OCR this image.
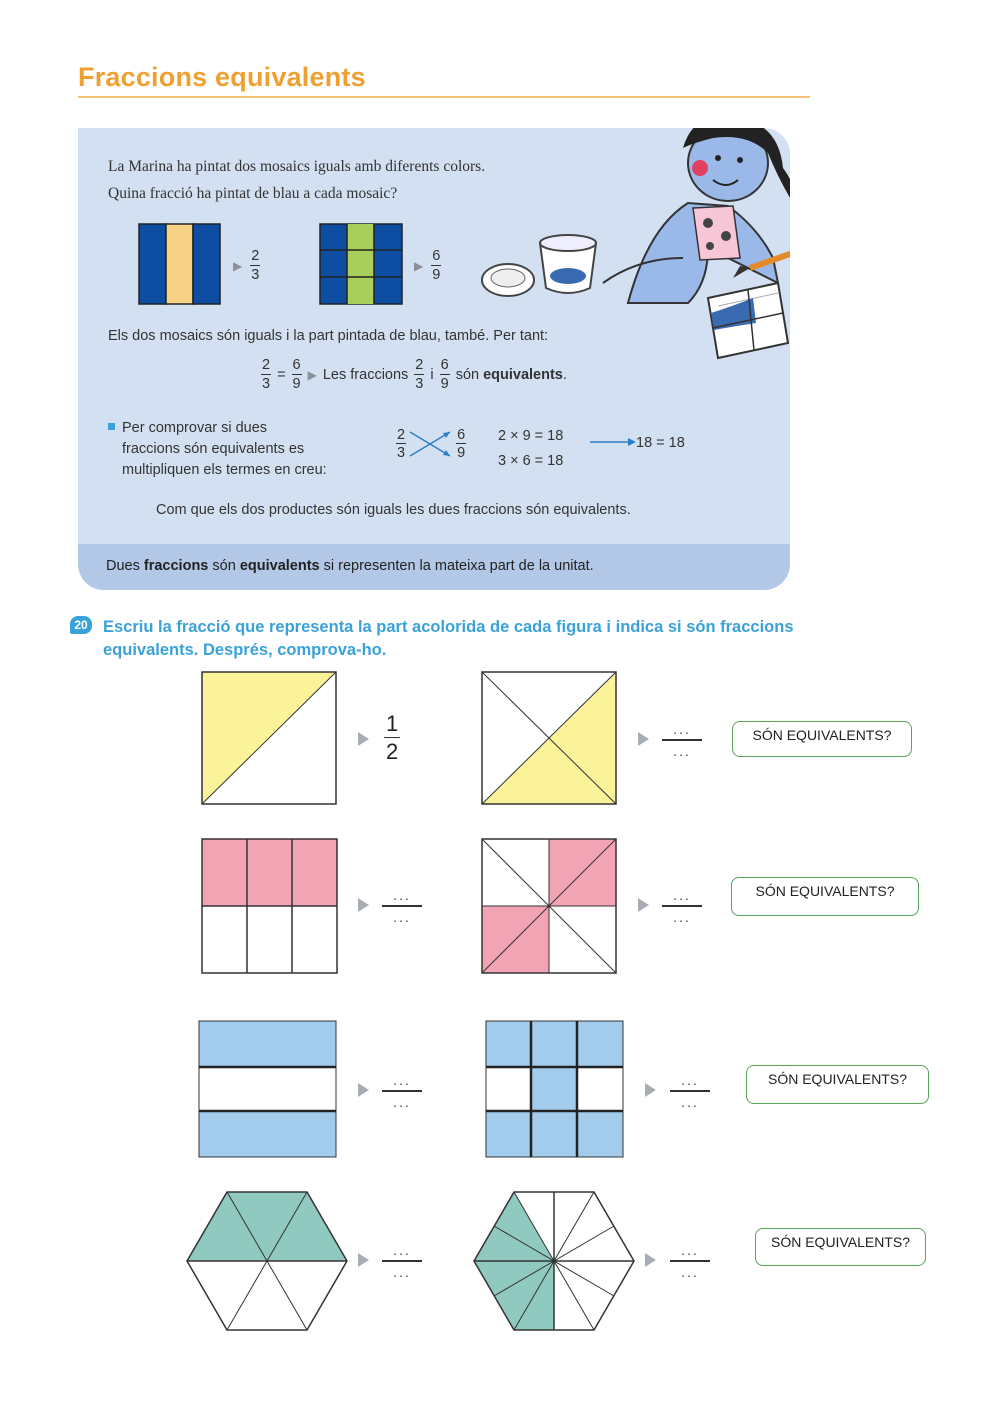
Fraccions equivalents
La Marina ha pintat dos mosaics iguals amb diferents colors.
Quina fracció ha pintat de blau a cada mosaic?
▶ $\frac{2}{3}$	▶ $\frac{6}{9}$
Els dos mosaics són iguals i la part pintada de blau, també. Per tant:
$\frac{2}{3} = \frac{6}{9}$ ▶ Les fraccions $\frac{2}{3}$ i $\frac{6}{9}$ són equivalents .
Per comprovar si dues
fraccions són equivalents es
multipliquen els termes en creu:
$\frac{2}{3}$	$\frac{6}{9} 2 \times 9 = 18$
3 × 6 = 18
18 = 18
Com que els dos productes són iguals les dues fraccions són equivalents.
Dues fraccions són equivalents si representen la mateixa part de la unitat.
20 Escriu la fracció que representa la part acolorida de cada figura i indica si són fraccions
equivalents. Després, comprova-ho.
1
2
...
...
SÓN EQUIVALENTS?
...
...
...
...
SÓN EQUIVALENTS?
...
...
...
...
SÓN EQUIVALENTS?
...
...
...
...
SÓN EQUIVALENTS?
